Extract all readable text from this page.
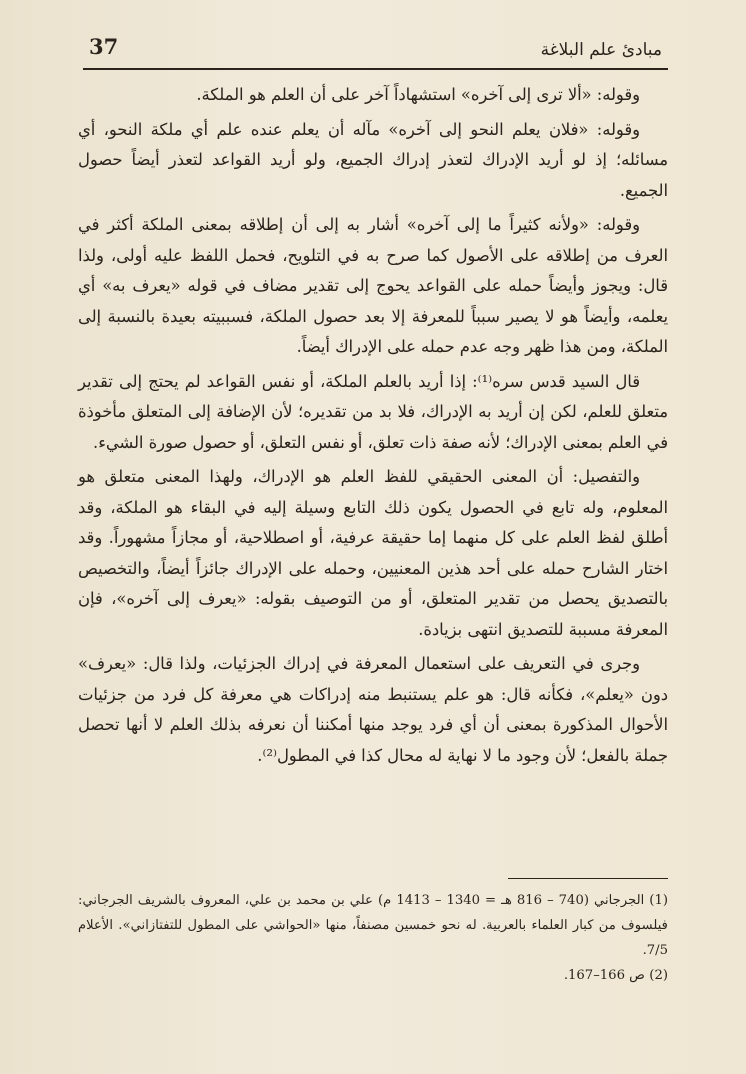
37	مبادئ علم البلاغة

وقوله: «ألا ترى إلى آخره» استشهاداً آخر على أن العلم هو الملكة.

وقوله: «فلان يعلم النحو إلى آخره» مآله أن يعلم عنده علم أي ملكة النحو، أي مسائله؛ إذ لو أريد الإدراك لتعذر إدراك الجميع، ولو أريد القواعد لتعذر أيضاً حصول الجميع.

وقوله: «ولأنه كثيراً ما إلى آخره» أشار به إلى أن إطلاقه بمعنى الملكة أكثر في العرف من إطلاقه على الأصول كما صرح به في التلويح، فحمل اللفظ عليه أولى، ولذا قال: ويجوز وأيضاً حمله على القواعد يحوج إلى تقدير مضاف في قوله «يعرف به» أي يعلمه، وأيضاً هو لا يصير سبباً للمعرفة إلا بعد حصول الملكة، فسببيته بعيدة بالنسبة إلى الملكة، ومن هذا ظهر وجه عدم حمله على الإدراك أيضاً.

قال السيد قدس سره⁽¹⁾: إذا أريد بالعلم الملكة، أو نفس القواعد لم يحتج إلى تقدير متعلق للعلم، لكن إن أريد به الإدراك، فلا بد من تقديره؛ لأن الإضافة إلى المتعلق مأخوذة في العلم بمعنى الإدراك؛ لأنه صفة ذات تعلق، أو نفس التعلق، أو حصول صورة الشيء.

والتفصيل: أن المعنى الحقيقي للفظ العلم هو الإدراك، ولهذا المعنى متعلق هو المعلوم، وله تابع في الحصول يكون ذلك التابع وسيلة إليه في البقاء هو الملكة، وقد أطلق لفظ العلم على كل منهما إما حقيقة عرفية، أو اصطلاحية، أو مجازاً مشهوراً. وقد اختار الشارح حمله على أحد هذين المعنيين، وحمله على الإدراك جائزاً أيضاً، والتخصيص بالتصديق يحصل من تقدير المتعلق، أو من التوصيف بقوله: «يعرف إلى آخره»، فإن المعرفة مسببة للتصديق انتهى بزيادة.

وجرى في التعريف على استعمال المعرفة في إدراك الجزئيات، ولذا قال: «يعرف» دون «يعلم»، فكأنه قال: هو علم يستنبط منه إدراكات هي معرفة كل فرد من جزئيات الأحوال المذكورة بمعنى أن أي فرد يوجد منها أمكننا أن نعرفه بذلك العلم لا أنها تحصل جملة بالفعل؛ لأن وجود ما لا نهاية له محال كذا في المطول⁽²⁾.

(1) الجرجاني (740 – 816 هـ = 1340 – 1413 م) علي بن محمد بن علي، المعروف بالشريف الجرجاني: فيلسوف من كبار العلماء بالعربية. له نحو خمسين مصنفاً، منها «الحواشي على المطول للتفتازاني». الأعلام 7/5.

(2) ص 166–167.
